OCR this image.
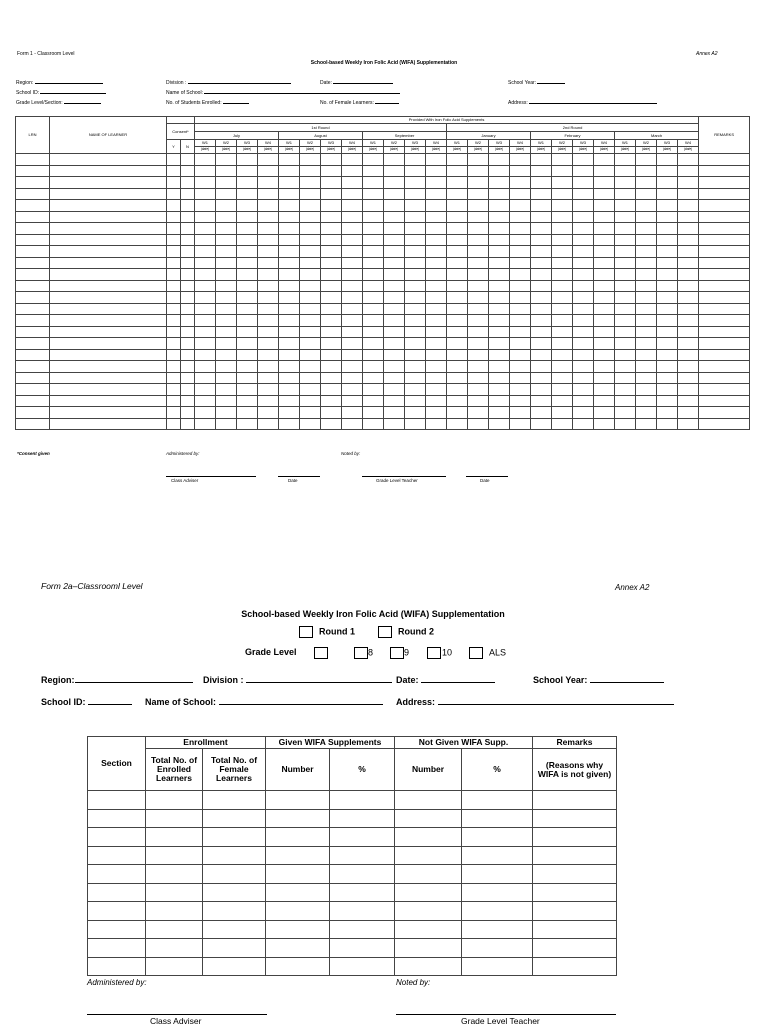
Form 1 - Classroom Level	Annex A2
School-based Weekly Iron Folic Acid (WIFA) Supplementation
Region:
School ID:
Grade Level/Section:
Division :
Name of School:
No. of Students Enrolled:
Date:
No. of Female Learners:
School Year:
Address:
LRN	NAME OF LEARNER			Provided With Iron Folic Acid Supplements																								REMARKS
		Consent*		1st Round												2nd Round												
				July				August				September				January				February				March				
		Y	N	W1	W2	W3	W4	W1	W2	W3	W4	W1	W2	W3	W4	W1	W2	W3	W4	W1	W2	W3	W4	W1	W2	W3	W4	
				(date)	(date)	(date)	(date)	(date)	(date)	(date)	(date)	(date)	(date)	(date)	(date)	(date)	(date)	(date)	(date)	(date)	(date)	(date)	(date)	(date)	(date)	(date)	(date)	

*Consent given	Administered by:	Noted by:
Class Adviser	Date	Grade Level Teacher	Date
Form 2a–Classrooml Level	Annex A2
School-based Weekly Iron Folic Acid (WIFA) Supplementation
Round 1	Round 2
Grade Level	8	9	10	ALS
Region:	Division :	Date:	School Year:
School ID:	Name of School:	Address:
Section	Enrollment		Given WIFA Supplements		Not Given WIFA Supp.		Remarks
	Total No. of Enrolled Learners	Total No. of Female Learners	Number	%	Number	%	(Reasons why WIFA is not given)

Administered by:	Noted by:
Class Adviser	Grade Level Teacher
